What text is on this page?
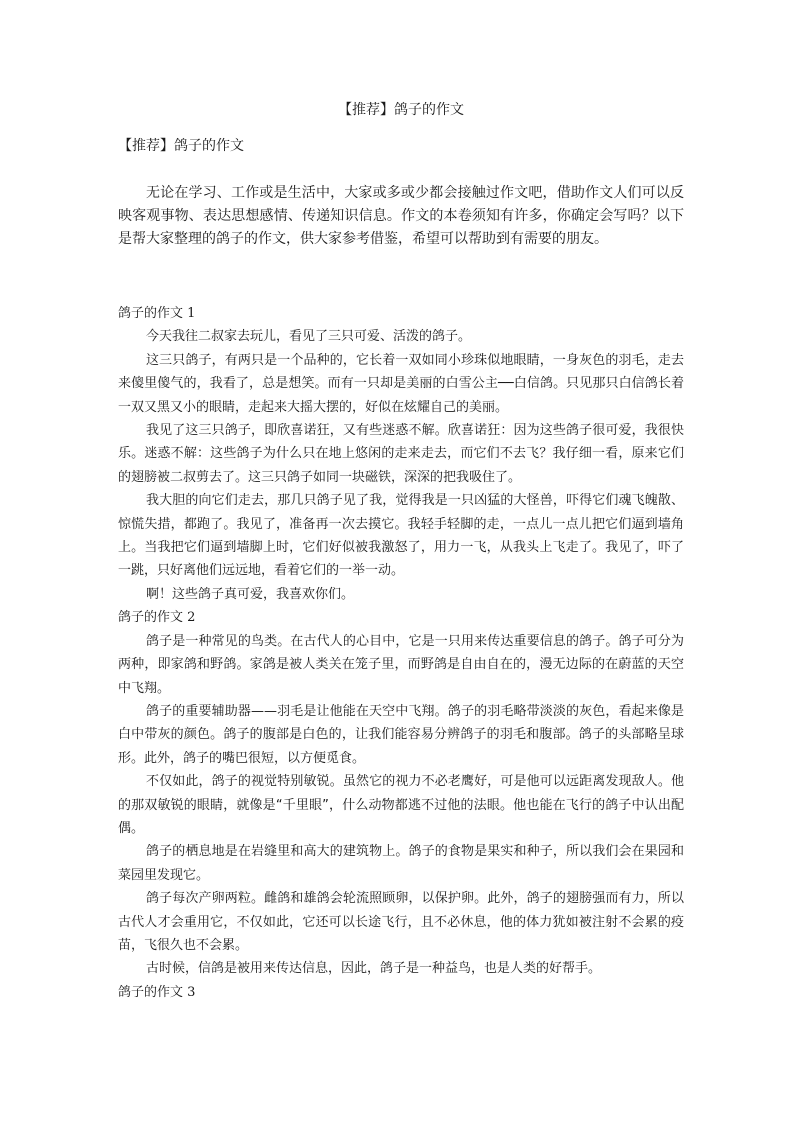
【推荐】鸽子的作文
【推荐】鸽子的作文
无论在学习、工作或是生活中，大家或多或少都会接触过作文吧，借助作文人们可以反映客观事物、表达思想感情、传递知识信息。作文的本卷须知有许多，你确定会写吗？以下是帮大家整理的鸽子的作文，供大家参考借鉴，希望可以帮助到有需要的朋友。
鸽子的作文 1

今天我往二叔家去玩儿，看见了三只可爱、活泼的鸽子。

这三只鸽子，有两只是一个品种的，它长着一双如同小珍珠似地眼睛，一身灰色的羽毛，走去来傻里傻气的，我看了，总是想笑。而有一只却是美丽的白雪公主──白信鸽。只见那只白信鸽长着一双又黑又小的眼睛，走起来大摇大摆的，好似在炫耀自己的美丽。

我见了这三只鸽子，即欣喜诺狂，又有些迷惑不解。欣喜诺狂：因为这些鸽子很可爱，我很快乐。迷惑不解：这些鸽子为什么只在地上悠闲的走来走去，而它们不去飞？我仔细一看，原来它们的翅膀被二叔剪去了。这三只鸽子如同一块磁铁，深深的把我吸住了。

我大胆的向它们走去，那几只鸽子见了我，觉得我是一只凶猛的大怪兽，吓得它们魂飞魄散、惊慌失措，都跑了。我见了，准备再一次去摸它。我轻手轻脚的走，一点儿一点儿把它们逼到墙角上。当我把它们逼到墙脚上时，它们好似被我激怒了，用力一飞，从我头上飞走了。我见了，吓了一跳，只好离他们远远地，看着它们的一举一动。

啊！这些鸽子真可爱，我喜欢你们。

鸽子的作文 2

鸽子是一种常见的鸟类。在古代人的心目中，它是一只用来传达重要信息的鸽子。鸽子可分为两种，即家鸽和野鸽。家鸽是被人类关在笼子里，而野鸽是自由自在的，漫无边际的在蔚蓝的天空中飞翔。

鸽子的重要辅助器——羽毛是让他能在天空中飞翔。鸽子的羽毛略带淡淡的灰色，看起来像是白中带灰的颜色。鸽子的腹部是白色的，让我们能容易分辨鸽子的羽毛和腹部。鸽子的头部略呈球形。此外，鸽子的嘴巴很短，以方便觅食。

不仅如此，鸽子的视觉特别敏锐。虽然它的视力不必老鹰好，可是他可以远距离发现敌人。他的那双敏锐的眼睛，就像是“千里眼”，什么动物都逃不过他的法眼。他也能在飞行的鸽子中认出配偶。

鸽子的栖息地是在岩缝里和高大的建筑物上。鸽子的食物是果实和种子，所以我们会在果园和菜园里发现它。

鸽子每次产卵两粒。雌鸽和雄鸽会轮流照顾卵，以保护卵。此外，鸽子的翅膀强而有力，所以古代人才会重用它，不仅如此，它还可以长途飞行，且不必休息，他的体力犹如被注射不会累的疫苗，飞很久也不会累。

古时候，信鸽是被用来传达信息，因此，鸽子是一种益鸟，也是人类的好帮手。

鸽子的作文 3
